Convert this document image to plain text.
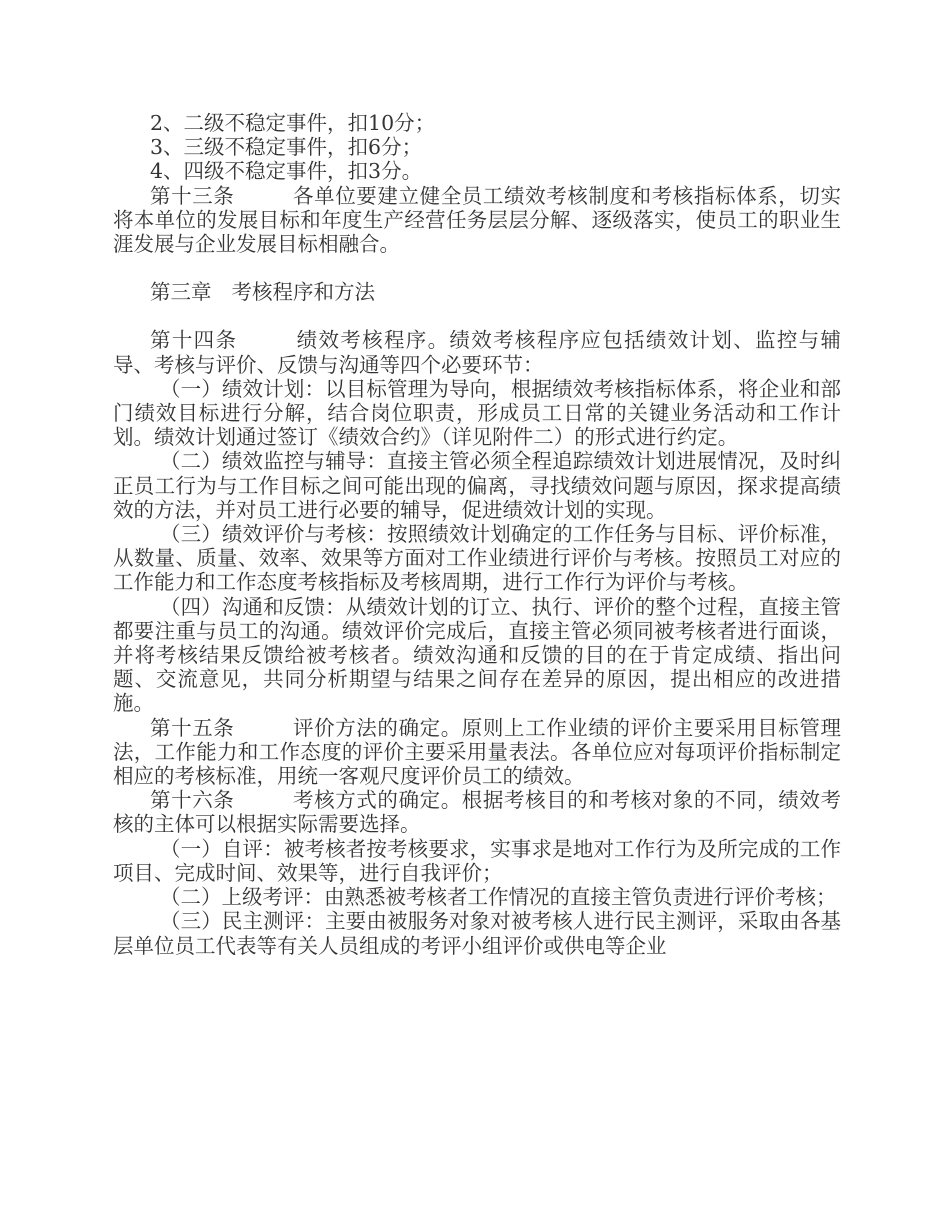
2、二级不稳定事件，扣10分；

3、三级不稳定事件，扣6分；

4、四级不稳定事件，扣3分。

第十三条	各单位要建立健全员工绩效考核制度和考核指标体系，切实将本单位的发展目标和年度生产经营任务层层分解、逐级落实，使员工的职业生涯发展与企业发展目标相融合。

第三章 考核程序和方法

第十四条	绩效考核程序。绩效考核程序应包括绩效计划、监控与辅导、考核与评价、反馈与沟通等四个必要环节：

（一）绩效计划：以目标管理为导向，根据绩效考核指标体系，将企业和部门绩效目标进行分解，结合岗位职责，形成员工日常的关键业务活动和工作计划。绩效计划通过签订《绩效合约》（详见附件二）的形式进行约定。

（二）绩效监控与辅导：直接主管必须全程追踪绩效计划进展情况，及时纠正员工行为与工作目标之间可能出现的偏离，寻找绩效问题与原因，探求提高绩效的方法，并对员工进行必要的辅导，促进绩效计划的实现。

（三）绩效评价与考核：按照绩效计划确定的工作任务与目标、评价标准，从数量、质量、效率、效果等方面对工作业绩进行评价与考核。按照员工对应的工作能力和工作态度考核指标及考核周期，进行工作行为评价与考核。

（四）沟通和反馈：从绩效计划的订立、执行、评价的整个过程，直接主管都要注重与员工的沟通。绩效评价完成后，直接主管必须同被考核者进行面谈，并将考核结果反馈给被考核者。绩效沟通和反馈的目的在于肯定成绩、指出问题、交流意见，共同分析期望与结果之间存在差异的原因，提出相应的改进措施。

第十五条	评价方法的确定。原则上工作业绩的评价主要采用目标管理法，工作能力和工作态度的评价主要采用量表法。各单位应对每项评价指标制定相应的考核标准，用统一客观尺度评价员工的绩效。

第十六条	考核方式的确定。根据考核目的和考核对象的不同，绩效考核的主体可以根据实际需要选择。

（一）自评：被考核者按考核要求，实事求是地对工作行为及所完成的工作项目、完成时间、效果等，进行自我评价；

（二）上级考评：由熟悉被考核者工作情况的直接主管负责进行评价考核；

（三）民主测评：主要由被服务对象对被考核人进行民主测评，采取由各基层单位员工代表等有关人员组成的考评小组评价或供电等企业
